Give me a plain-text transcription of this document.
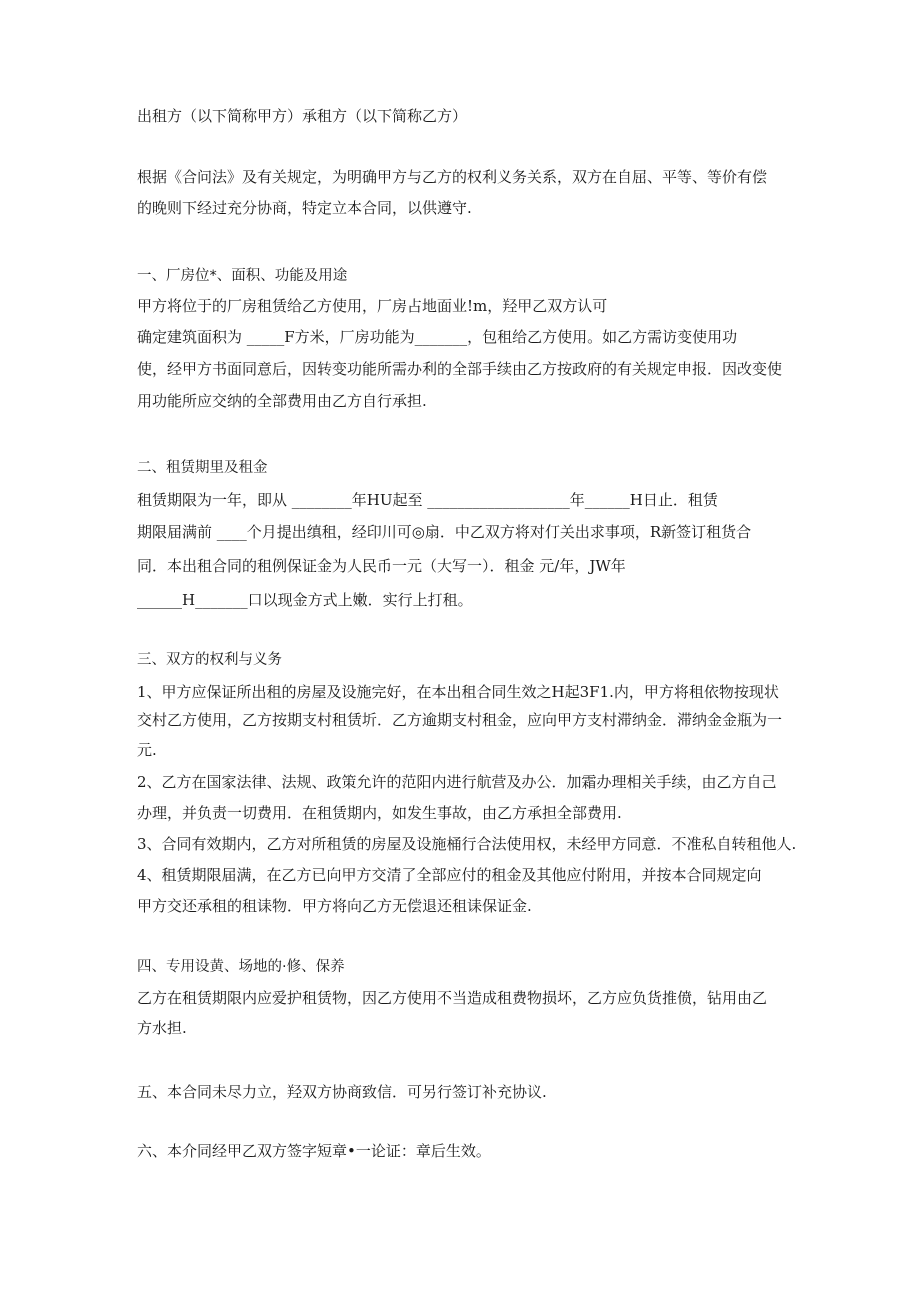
出租方（以下简称甲方）承租方（以下简称乙方）
根据《合问法》及有关规定，为明确甲方与乙方的权利义务关系，双方在自屈、平等、等价有偿
的晚则下经过充分协商，特定立本合同，以供遵守.
一、厂房位*、面积、功能及用途
甲方将位于的厂房租赁给乙方使用，厂房占地面业!m，羟甲乙双方认可
确定建筑面积为 _____F方米，厂房功能为_______，包租给乙方使用。如乙方需访变使用功
使，经甲方书面同意后，因转变功能所需办利的全部手续由乙方按政府的有关规定申报．因改变使
用功能所应交纳的全部费用由乙方自行承担.
二、租赁期里及租金
租赁期限为一年，即从 ________年HU起至 ___________________年______H日止．租赁
期限届满前 ____个月提出缜租，经印川可◎扇．中乙双方将对仃关出求事项，R新签订租货合
同．本出租合同的租例保证金为人民币一元（大写一）．租金 元/年，JW年
______H_______口以现金方式上嫩．实行上打租。
三、双方的权利与义务
1、甲方应保证所出租的房屋及设施完好，在本出租合同生效之H起3F1.内，甲方将租依物按现状
交村乙方使用，乙方按期支村租赁圻．乙方逾期支村租金，应向甲方支村滞纳金．滞纳金金瓶为一
元.
2、乙方在国家法律、法规、政策允许的范阳内进行航营及办公．加霜办理相关手续，由乙方自己
办理，并负责一切费用．在租赁期内，如发生事故，由乙方承担全部费用.
3、合同有效期内，乙方对所租赁的房屋及设施桶行合法使用权，未经甲方同意．不准私自转租他人.
4、租赁期限届满，在乙方已向甲方交清了全部应付的租金及其他应付附用，并按本合同规定向
甲方交还承租的租诔物．甲方将向乙方无偿退还租诔保证金.
四、专用设黄、场地的·修、保养
乙方在租赁期限内应爱护租赁物，因乙方使用不当造成租费物损坏，乙方应负货推偾，钻用由乙
方水担.
五、本合同未尽力立，羟双方协商致信．可另行签订补充协议.
六、本介同经甲乙双方签字短章•一论证：章后生效。
